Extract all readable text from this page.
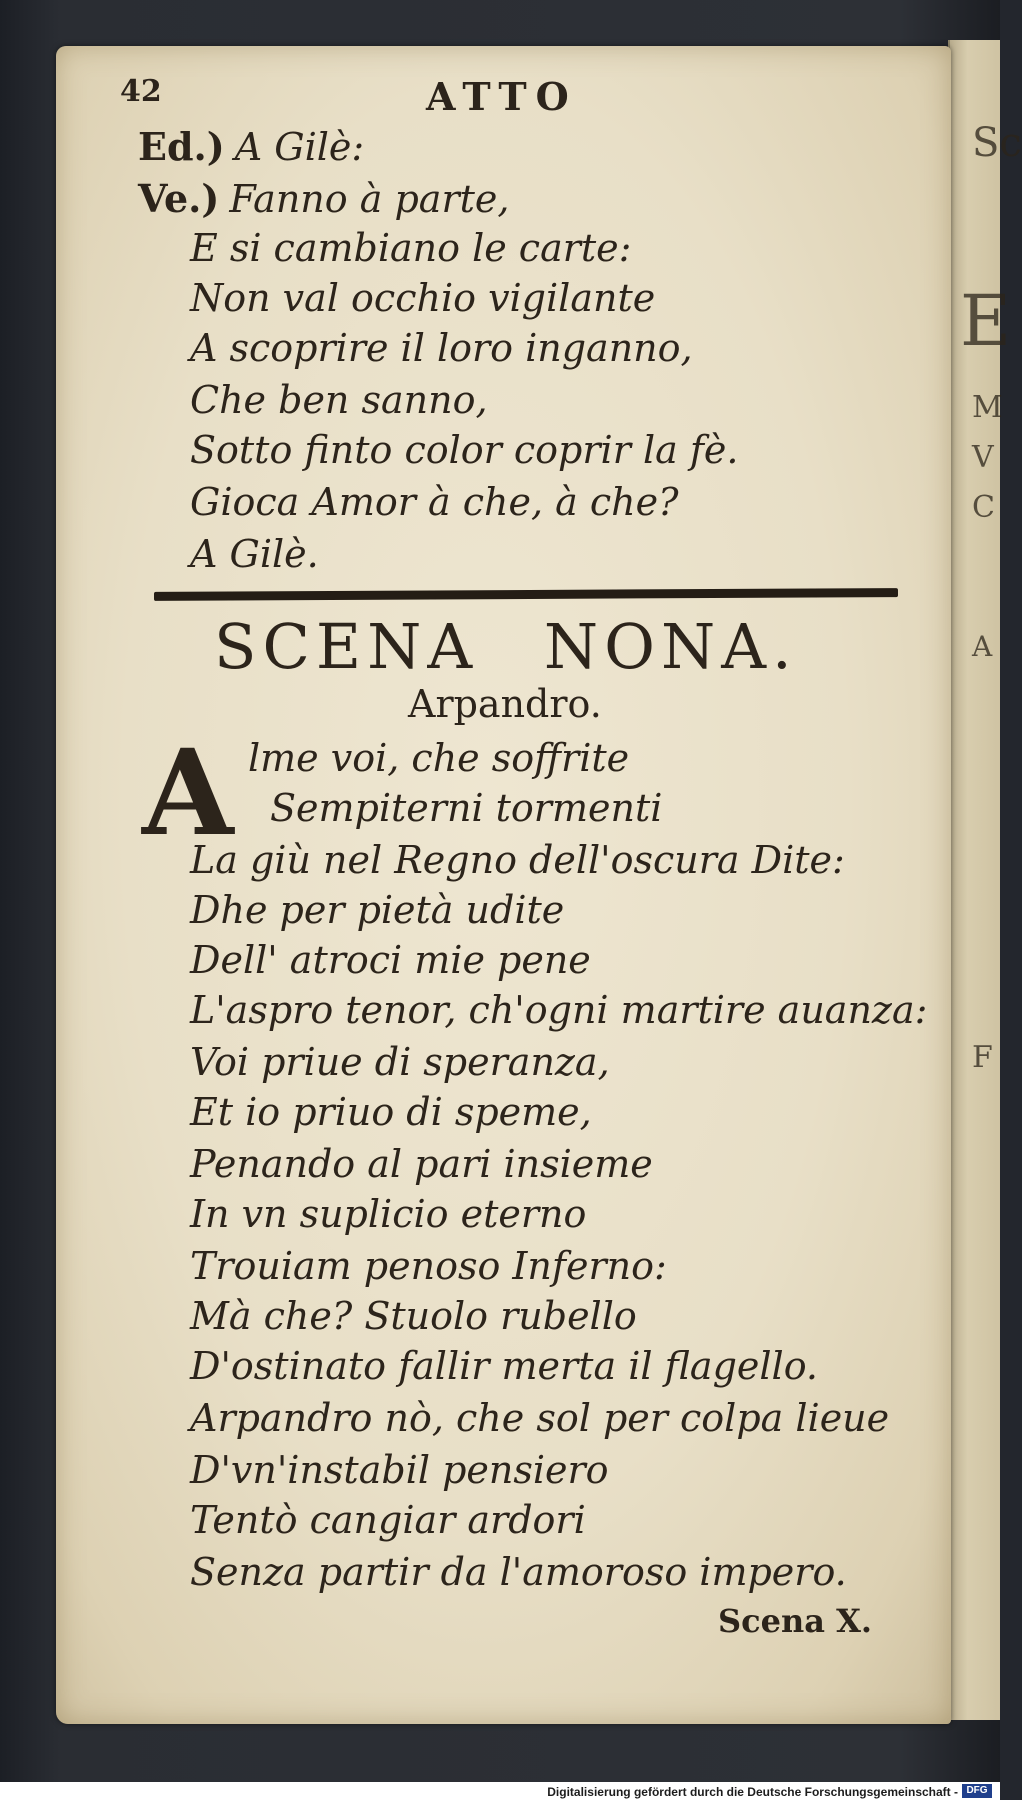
Sc
E
M
V
C
A
F
42	ATTO
Ed.) A Gilè:
Ve.) Fanno à parte,
E si cambiano le carte:
Non val occhio vigilante
A scoprire il loro inganno,
Che ben sanno,
Sotto finto color coprir la fè.
Gioca Amor à che, à che?
A Gilè.
SCENA NONA.
Arpandro.
A lme voi, che soffrite
Sempiterni tormenti
La giù nel Regno dell'oscura Dite:
Dhe per pietà udite
Dell' atroci mie pene
L'aspro tenor, ch'ogni martire auanza:
Voi priue di speranza,
Et io priuo di speme,
Penando al pari insieme
In vn suplicio eterno
Trouiam penoso Inferno:
Mà che? Stuolo rubello
D'ostinato fallir merta il flagello.
Arpandro nò, che sol per colpa lieue
D'vn'instabil pensiero
Tentò cangiar ardori
Senza partir da l'amoroso impero.
Scena X.
Digitalisierung gefördert durch die Deutsche Forschungsgemeinschaft - DFG
